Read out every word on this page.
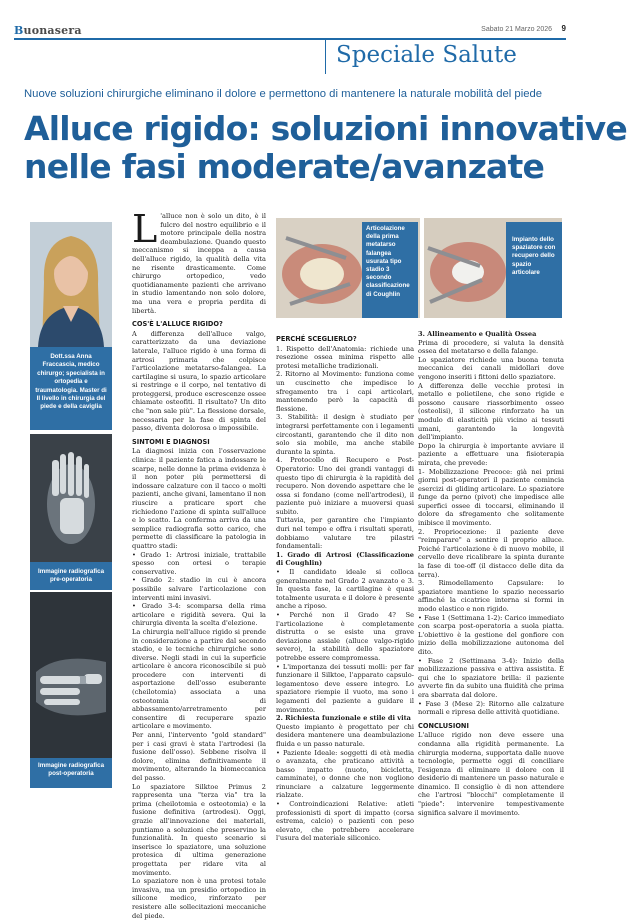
Buonasera	Sabato 21 Marzo 2026 9
Speciale Salute
Nuove soluzioni chirurgiche eliminano il dolore e permettono di mantenere la naturale mobilità del piede
Alluce rigido: soluzioni innovative
nelle fasi moderate/avanzate
Dott.ssa Anna Fraccascia, medico chirurgo; specialista in ortopedia e traumatologia. Master di II livello in chirurgia del piede e della caviglia
Immagine radiografica pre-operatoria
Immagine radiografica post-operatoria

L 'alluce non è solo un dito, è il fulcro del nostro equilibrio e il motore principale della nostra deambulazione. Quando questo meccanismo si inceppa a causa dell'alluce rigido, la qualità della vita ne risente drasticamente. Come chirurgo ortopedico, vedo quotidianamente pazienti che arrivano in studio lamentando non solo dolore, ma una vera e propria perdita di libertà.

COS'È L'ALLUCE RIGIDO?

A differenza dell'alluce valgo, caratterizzato da una deviazione laterale, l'alluce rigido è una forma di artrosi primaria che colpisce l'articolazione metatarso-falangea. La cartilagine si usura, lo spazio articolare si restringe e il corpo, nel tentativo di proteggersi, produce escrescenze ossee chiamate osteofiti. Il risultato? Un dito che "non sale più". La flessione dorsale, necessaria per la fase di spinta del passo, diventa dolorosa o impossibile.

SINTOMI E DIAGNOSI

La diagnosi inizia con l'osservazione clinica: il paziente fatica a indossare le scarpe, nelle donne la prima evidenza è il non poter più permettersi di indossare calzature con il tacco o molti pazienti, anche givani, lamentano il non riuscire a praticare sport che richiedono l'azione di spinta sull'alluce e lo scatto. La conferma arriva da una semplice radiografia sotto carico, che permette di classificare la patologia in quattro stadi:

• Grado 1: Artrosi iniziale, trattabile spesso con ortesi o terapie conservative.

• Grado 2: stadio in cui è ancora possibile salvare l'articolazione con interventi mini invasivi.

• Grado 3-4: scomparsa della rima articolare e rigidità severa. Qui la chirurgia diventa la scelta d'elezione.

La chirurgia nell'alluce rigido si prende in considerazione a partire dal secondo stadio, e le tecniche chirurgiche sono diverse. Negli stadi in cui la superficie articolare è ancora riconoscibile si può procedere con interventi di asportazione dell'osso esuberante (cheilotomia) associata a una osteotomia di abbassamento/arretramento per consentire di recuperare spazio articolare e movimento.

Per anni, l'intervento "gold standard" per i casi gravi è stata l'artrodesi (la fusione dell'osso). Sebbene risolva il dolore, elimina definitivamente il movimento, alterando la biomeccanica del passo.

Lo spaziatore Silktoe Primus 2 rappresenta una "terza via" tra la prima (cheilotomia e osteotomia) e la fusione definitiva (artrodesi). Oggi, grazie all'innovazione dei materiali, puntiamo a soluzioni che preservino la funzionalità. In questo scenario si inserisce lo spaziatore, una soluzione protesica di ultima generazione progettata per ridare vita al movimento.

Lo spaziatore non è una protesi totale invasiva, ma un presidio ortopedico in silicone medico, rinforzato per resistere alle sollecitazioni meccaniche del piede.

Articolazione della prima metatarso falangea usurata tipo stadio 3 secondo classificazione di Coughlin
Impianto dello spaziatore con recupero dello spazio articolare
PERCHÉ SCEGLIERLO?

1. Rispetto dell'Anatomia: richiede una resezione ossea minima rispetto alle protesi metalliche tradizionali.

2. Ritorno al Movimento: funziona come un cuscinetto che impedisce lo sfregamento tra i capi articolari, mantenendo però la capacità di flessione.

3. Stabilità: il design è studiato per integrarsi perfettamente con i legamenti circostanti, garantendo che il dito non solo sia mobile, ma anche stabile durante la spinta.

4. Protocollo di Recupero e Post-Operatorio: Uno dei grandi vantaggi di questo tipo di chirurgia è la rapidità del recupero. Non dovendo aspettare che le ossa si fondano (come nell'artrodesi), il paziente può iniziare a muoversi quasi subito.

Tuttavia, per garantire che l'impianto duri nel tempo e offra i risultati sperati, dobbiamo valutare tre pilastri fondamentali:

1. Grado di Artrosi (Classificazione di Coughlin)

• Il candidato ideale si colloca generalmente nel Grado 2 avanzato e 3. In questa fase, la cartilagine è quasi totalmente usurata e il dolore è presente anche a riposo.

• Perché non il Grado 4? Se l'articolazione è completamente distrutta o se esiste una grave deviazione assiale (alluce valgo-rigido severo), la stabilità dello spaziatore potrebbe essere compromessa.

• L'importanza dei tessuti molli: per far funzionare il Silktoe, l'apparato capsulo-legamentoso deve essere integro. Lo spaziatore riempie il vuoto, ma sono i legamenti del paziente a guidare il movimento.

2. Richiesta funzionale e stile di vita

Questo impianto è progettato per chi desidera mantenere una deambulazione fluida e un passo naturale.

• Paziente Ideale: soggetti di età media o avanzata, che praticano attività a basso impatto (nuoto, bicicletta, camminate), o donne che non vogliono rinunciare a calzature leggermente rialzate.

• Controindicazioni Relative: atleti professionisti di sport di impatto (corsa estrema, calcio) o pazienti con peso elevato, che potrebbero accelerare l'usura del materiale siliconico.

3. Allineamento e Qualità Ossea

Prima di procedere, si valuta la densità ossea del metatarso e della falange.

Lo spaziatore richiede una buona tenuta meccanica dei canali midollari dove vengono inseriti i fittoni dello spaziatore.

A differenza delle vecchie protesi in metallo e polietilene, che sono rigide e possono causare riassorbimento osseo (osteolisi), il silicone rinforzato ha un modulo di elasticità più vicino ai tessuti umani, garantendo la longevità dell'impianto.

Dopo la chirurgia è importante avviare il paziente a effettuare una fisioterapia mirata, che prevede:

1- Mobilizzazione Precoce: già nei primi giorni post-operatori il paziente comincia esercizi di gliding articolare. Lo spaziatore funge da perno (pivot) che impedisce alle superfici ossee di toccarsi, eliminando il dolore da sfregamento che solitamente inibisce il movimento.

2. Propriocezione: il paziente deve "reimparare" a sentire il proprio alluce. Poiché l'articolazione è di nuovo mobile, il cervello deve ricalibrare la spinta durante la fase di toe-off (il distacco delle dita da terra).

3. Rimodellamento Capsulare: lo spaziatore mantiene lo spazio necessario affinché la cicatrice interna si formi in modo elastico e non rigido.

• Fase 1 (Settimana 1-2): Carico immediato con scarpa post-operatoria a suola piatta. L'obiettivo è la gestione del gonfiore con inizio della mobilizzazione autonoma del dito.

• Fase 2 (Settimana 3-4): Inizio della mobilizzazione passiva e attiva assistita. È qui che lo spaziatore brilla: il paziente avverte fin da subito una fluidità che prima era sbarrata dal dolore.

• Fase 3 (Mese 2): Ritorno alle calzature normali e ripresa delle attività quotidiane.

CONCLUSIONI

L'alluce rigido non deve essere una condanna alla rigidità permanente. La chirurgia moderna, supportata dalle nuove tecnologie, permette oggi di conciliare l'esigenza di eliminare il dolore con il desiderio di mantenere un passo naturale e dinamico. Il consiglio è di non attendere che l'artrosi "blocchi" completamente il "piede": intervenire tempestivamente significa salvare il movimento.
